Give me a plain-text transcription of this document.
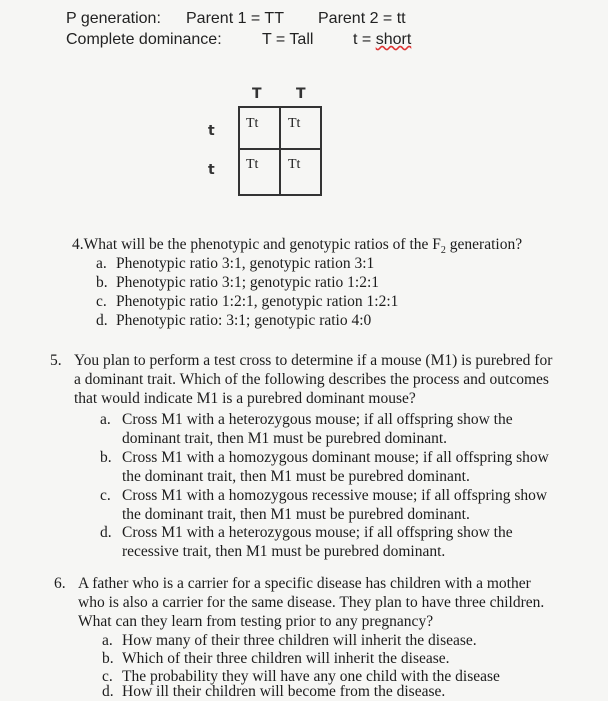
P generation: Parent 1 = TT Parent 2 = tt
Complete dominance:	T = Tall t = short
T T
t
t
Tt Tt
Tt Tt
4.What will be the phenotypic and genotypic ratios of the $F_2$ generation?
a. Phenotypic ratio 3:1, genotypic ration 3:1
b. Phenotypic ratio 3:1; genotypic ratio 1:2:1
c. Phenotypic ratio 1:2:1, genotypic ration 1:2:1
d. Phenotypic ratio: 3:1; genotypic ratio 4:0
5. You plan to perform a test cross to determine if a mouse (M1) is purebred for
a dominant trait. Which of the following describes the process and outcomes
that would indicate M1 is a purebred dominant mouse?
a. Cross M1 with a heterozygous mouse; if all offspring show the
dominant trait, then M1 must be purebred dominant.
b. Cross M1 with a homozygous dominant mouse; if all offspring show
the dominant trait, then M1 must be purebred dominant.
c. Cross M1 with a homozygous recessive mouse; if all offspring show
the dominant trait, then M1 must be purebred dominant.
d. Cross M1 with a heterozygous mouse; if all offspring show the
recessive trait, then M1 must be purebred dominant.
6. A father who is a carrier for a specific disease has children with a mother
who is also a carrier for the same disease. They plan to have three children.
What can they learn from testing prior to any pregnancy?
a. How many of their three children will inherit the disease.
b. Which of their three children will inherit the disease.
c. The probability they will have any one child with the disease
d. How ill their children will become from the disease.
